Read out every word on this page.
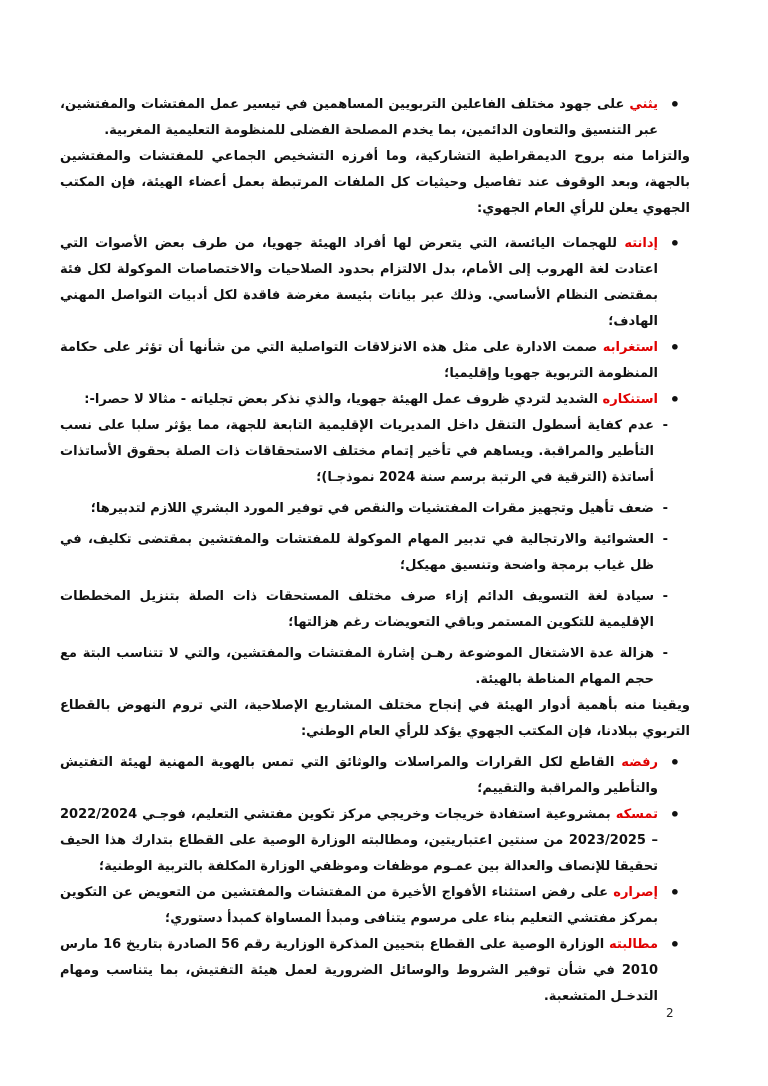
• يثني على جهود مختلف الفاعلين التربويين المساهمين في تيسير عمل المفتشات والمفتشين، عبر التنسيق والتعاون الدائمين، بما يخدم المصلحة الفضلى للمنظومة التعليمية المغربية.

والتزاما منه بروح الديمقراطية التشاركية، وما أفرزه التشخيص الجماعي للمفتشات والمفتشين بالجهة، وبعد الوقوف عند تفاصيل وحيثيات كل الملفات المرتبطة بعمل أعضاء الهيئة، فإن المكتب الجهوي يعلن للرأي العام الجهوي:

• إدانته للهجمات اليائسة، التي يتعرض لها أفراد الهيئة جهويا، من طرف بعض الأصوات التي اعتادت لغة الهروب إلى الأمام، بدل الالتزام بحدود الصلاحيات والاختصاصات الموكولة لكل فئة بمقتضى النظام الأساسي. وذلك عبر بيانات بئيسة مغرضة فاقدة لكل أدبيات التواصل المهني الهادف؛

• استغرابه صمت الادارة على مثل هذه الانزلاقات التواصلية التي من شأنها أن تؤثر على حكامة المنظومة التربوية جهويا وإقليميا؛

• استنكاره الشديد لتردي ظروف عمل الهيئة جهويا، والذي نذكر بعض تجلياته - مثالا لا حصرا-:

- عدم كفاية أسطول التنقل داخل المديريات الإقليمية التابعة للجهة، مما يؤثر سلبا على نسب التأطير والمراقبة. ويساهم في تأخير إتمام مختلف الاستحقاقات ذات الصلة بحقوق الأساتذات أساتذة (الترقية في الرتبة برسم سنة 2024 نموذجـا)؛

- ضعف تأهيل وتجهيز مقرات المفتشيات والنقص في توفير المورد البشري اللازم لتدبيرها؛

- العشوائية والارتجالية في تدبير المهام الموكولة للمفتشات والمفتشين بمقتضى تكليف، في ظل غياب برمجة واضحة وتنسيق مهيكل؛

- سيادة لغة التسويف الدائم إزاء صرف مختلف المستحقات ذات الصلة بتنزيل المخططات الإقليمية للتكوين المستمر وباقي التعويضات رغم هزالتها؛

- هزالة عدة الاشتغال الموضوعة رهـن إشارة المفتشات والمفتشين، والتي لا تتناسب البتة مع حجم المهام المناطة بالهيئة.

ويقينا منه بأهمية أدوار الهيئة في إنجاح مختلف المشاريع الإصلاحية، التي تروم النهوض بالقطاع التربوي ببلادنا، فإن المكتب الجهوي يؤكد للرأي العام الوطني:

• رفضه القاطع لكل القرارات والمراسلات والوثائق التي تمس بالهوية المهنية لهيئة التفتيش والتأطير والمراقبة والتقييم؛

• تمسكه بمشروعية استفادة خريجات وخريجي مركز تكوين مفتشي التعليم، فوجـي 2022/2024 – 2023/2025 من سنتين اعتباريتين، ومطالبته الوزارة الوصية على القطاع بتدارك هذا الحيف تحقيقا للإنصاف والعدالة بين عمـوم موظفات وموظفي الوزارة المكلفة بالتربية الوطنية؛

• إصراره على رفض استثناء الأفواج الأخيرة من المفتشات والمفتشين من التعويض عن التكوين بمركز مفتشي التعليم بناء على مرسوم يتنافى ومبدأ المساواة كمبدأ دستوري؛

• مطالبته الوزارة الوصية على القطاع بتحيين المذكرة الوزارية رقم 56 الصادرة بتاريخ 16 مارس 2010 في شأن توفير الشروط والوسائل الضرورية لعمل هيئة التفتيش، بما يتناسب ومهام التدخـل المتشعبة.

2
